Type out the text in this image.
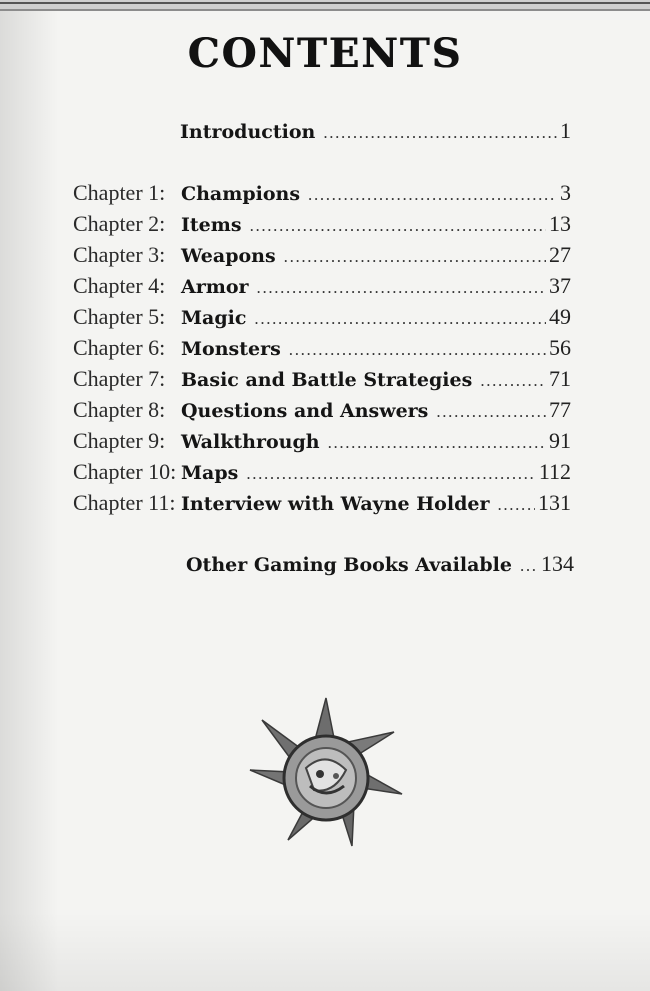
CONTENTS
Introduction . . .	1
Chapter 1: Champions . . .	3
Chapter 2: Items . . .	13
Chapter 3: Weapons . . .	27
Chapter 4: Armor . . .	37
Chapter 5: Magic . . .	49
Chapter 6: Monsters . . .	56
Chapter 7: Basic and Battle Strategies . . .	71
Chapter 8: Questions and Answers . . .	77
Chapter 9: Walkthrough . . .	91
Chapter 10: Maps . . .	112
Chapter 11: Interview with Wayne Holder . . . 131
Other Gaming Books Available . . . 134
